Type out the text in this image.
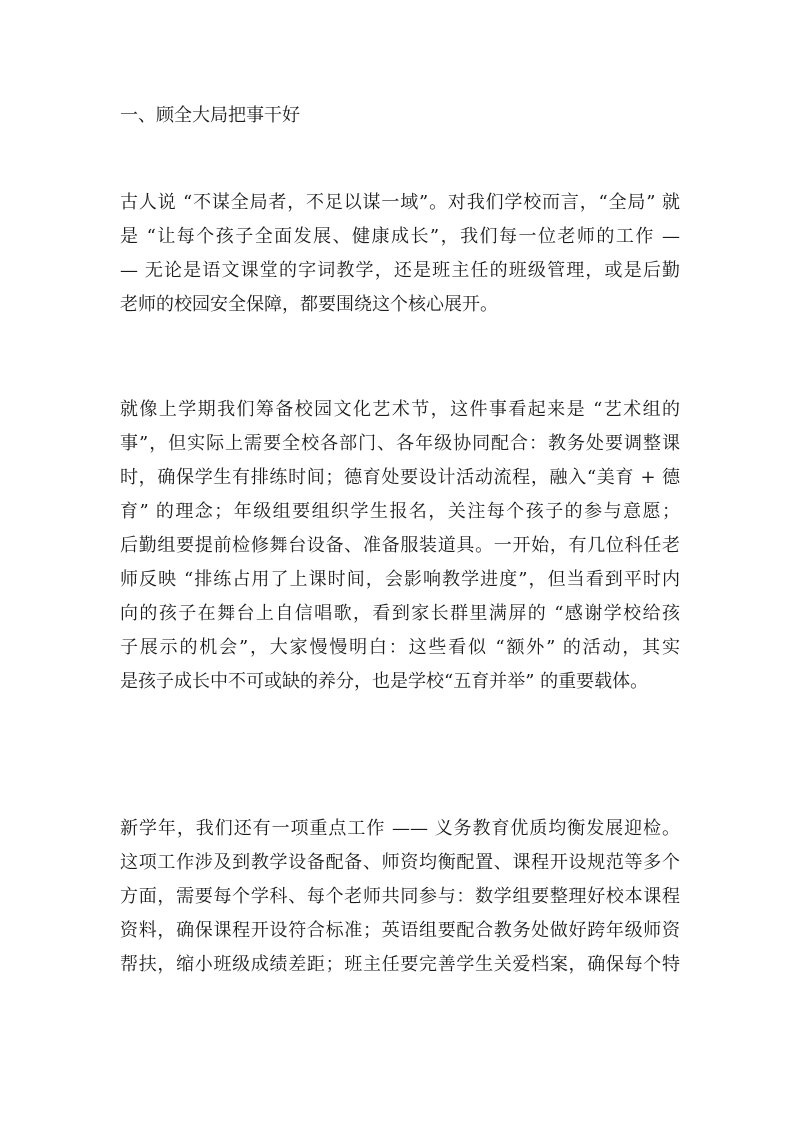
一、顾全大局把事干好
古人说 “不谋全局者，不足以谋一域”。对我们学校而言，“全局” 就
是 “让每个孩子全面发展、健康成长”，我们每一位老师的工作 —
— 无论是语文课堂的字词教学，还是班主任的班级管理，或是后勤
老师的校园安全保障，都要围绕这个核心展开。
就像上学期我们筹备校园文化艺术节，这件事看起来是 “艺术组的
事”，但实际上需要全校各部门、各年级协同配合：教务处要调整课
时，确保学生有排练时间；德育处要设计活动流程，融入“美育 + 德
育” 的理念；年级组要组织学生报名，关注每个孩子的参与意愿；
后勤组要提前检修舞台设备、准备服装道具。一开始，有几位科任老
师反映 “排练占用了上课时间，会影响教学进度”，但当看到平时内
向的孩子在舞台上自信唱歌，看到家长群里满屏的 “感谢学校给孩
子展示的机会”，大家慢慢明白：这些看似 “额外” 的活动，其实
是孩子成长中不可或缺的养分，也是学校“五育并举” 的重要载体。
新学年，我们还有一项重点工作 —— 义务教育优质均衡发展迎检。
这项工作涉及到教学设备配备、师资均衡配置、课程开设规范等多个
方面，需要每个学科、每个老师共同参与：数学组要整理好校本课程
资料，确保课程开设符合标准；英语组要配合教务处做好跨年级师资
帮扶，缩小班级成绩差距；班主任要完善学生关爱档案，确保每个特
